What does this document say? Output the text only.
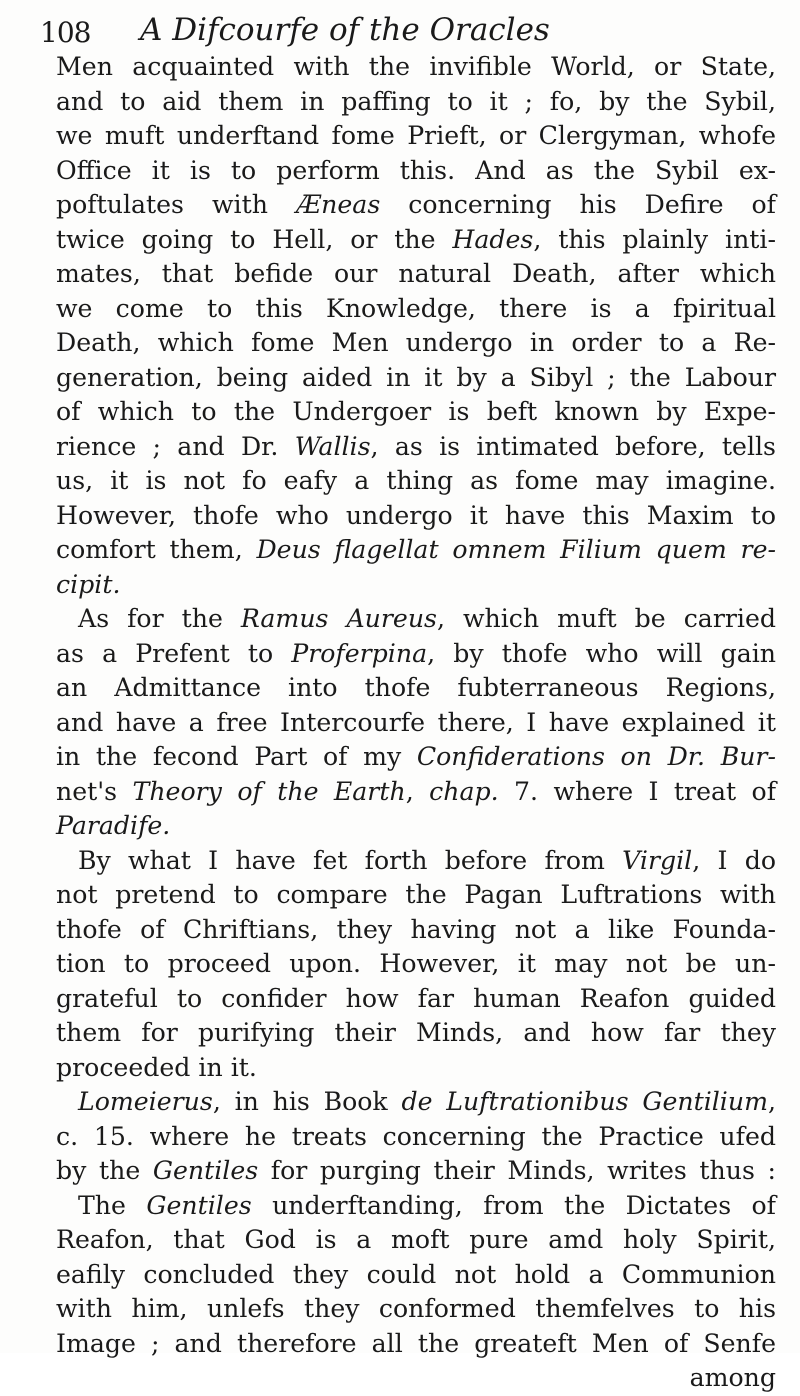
108 A Difcourfe of the Oracles
Men acquainted with the invifible World, or State,
and to aid them in paffing to it ; fo, by the Sybil,
we muft underftand fome Prieft, or Clergyman, whofe
Office it is to perform this. And as the Sybil ex-
poftulates with Æneas concerning his Defire of
twice going to Hell, or the Hades, this plainly inti-
mates, that befide our natural Death, after which
we come to this Knowledge, there is a fpiritual
Death, which fome Men undergo in order to a Re-
generation, being aided in it by a Sibyl ; the Labour
of which to the Undergoer is beft known by Expe-
rience ; and Dr. Wallis, as is intimated before, tells
us, it is not fo eafy a thing as fome may imagine.
However, thofe who undergo it have this Maxim to
comfort them, Deus flagellat omnem Filium quem re-
cipit.
As for the Ramus Aureus, which muft be carried
as a Prefent to Proferpina, by thofe who will gain
an Admittance into thofe fubterraneous Regions,
and have a free Intercourfe there, I have explained it
in the fecond Part of my Confiderations on Dr. Bur-
net's Theory of the Earth, chap. 7. where I treat of
Paradife.
By what I have fet forth before from Virgil, I do
not pretend to compare the Pagan Luftrations with
thofe of Chriftians, they having not a like Founda-
tion to proceed upon. However, it may not be un-
grateful to confider how far human Reafon guided
them for purifying their Minds, and how far they
proceeded in it.
Lomeierus, in his Book de Luftrationibus Gentilium,
c. 15. where he treats concerning the Practice ufed
by the Gentiles for purging their Minds, writes thus :
The Gentiles underftanding, from the Dictates of
Reafon, that God is a moft pure amd holy Spirit,
eafily concluded they could not hold a Communion
with him, unlefs they conformed themfelves to his
Image ; and therefore all the greateft Men of Senfe
among
